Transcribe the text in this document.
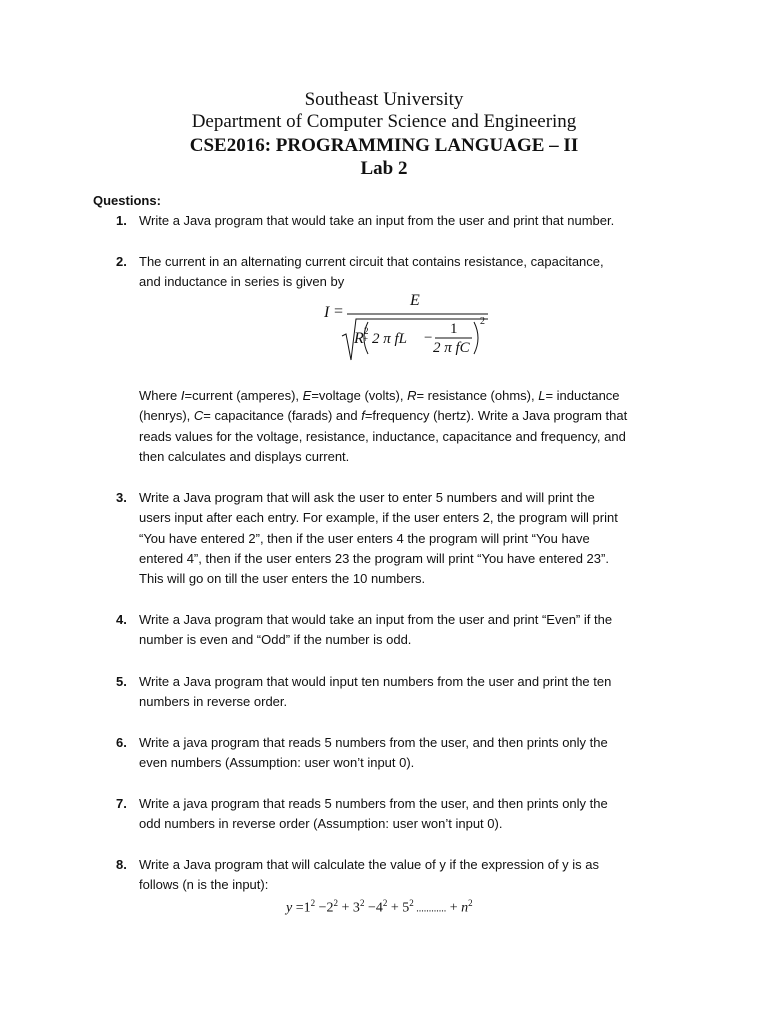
Southeast University
Department of Computer Science and Engineering
CSE2016: PROGRAMMING LANGUAGE – II
Lab 2
Questions:
1. Write a Java program that would take an input from the user and print that number.
2. The current in an alternating current circuit that contains resistance, capacitance,
and inductance in series is given by
I =
E
R 2
+ 2 π fL −
1
2 π fC
2
Where I=current (amperes), E=voltage (volts), R= resistance (ohms), L= inductance
(henrys), C= capacitance (farads) and f=frequency (hertz). Write a Java program that
reads values for the voltage, resistance, inductance, capacitance and frequency, and
then calculates and displays current.
3. Write a Java program that will ask the user to enter 5 numbers and will print the
users input after each entry. For example, if the user enters 2, the program will print
“You have entered 2”, then if the user enters 4 the program will print “You have
entered 4”, then if the user enters 23 the program will print “You have entered 23”.
This will go on till the user enters the 10 numbers.
4. Write a Java program that would take an input from the user and print “Even” if the
number is even and “Odd” if the number is odd.
5. Write a Java program that would input ten numbers from the user and print the ten
numbers in reverse order.
6. Write a java program that reads 5 numbers from the user, and then prints only the
even numbers (Assumption: user won’t input 0).
7. Write a java program that reads 5 numbers from the user, and then prints only the
odd numbers in reverse order (Assumption: user won’t input 0).
8. Write a Java program that will calculate the value of y if the expression of y is as
follows (n is the input):
$y =1^2 -2^2 + 3^2 -4^2 + 5^2$ ............ + $n^2$
